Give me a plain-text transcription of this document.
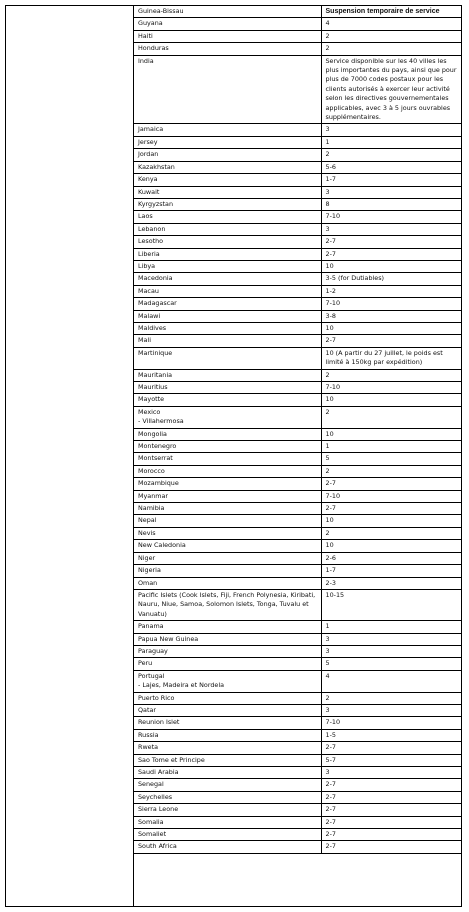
Guinea-Bissau	Suspension temporaire de service
Guyana	4
Haiti	2
Honduras	2
India	Service disponible sur les 40 villes les plus importantes du pays, ainsi que pour plus de 7000 codes postaux pour les clients autorisés à exercer leur activité selon les directives gouvernementales applicables, avec 3 à 5 jours ouvrables supplémentaires.
Jamaica	3
Jersey	1
Jordan	2
Kazakhstan	5-6
Kenya	1-7
Kuwait	3
Kyrgyzstan	8
Laos	7-10
Lebanon	3
Lesotho	2-7
Liberia	2-7
Libya	10
Macedonia	3-5 (for Dutiables)
Macau	1-2
Madagascar	7-10
Malawi	3-8
Maldives	10
Mali	2-7
Martinique	10 (A partir du 27 juillet, le poids est limité à 150kg par expédition)
Mauritania	2
Mauritius	7-10
Mayotte	10
Mexico
- Villahermosa	2
Mongolia	10
Montenegro	1
Montserrat	5
Morocco	2
Mozambique	2-7
Myanmar	7-10
Namibia	2-7
Nepal	10
Nevis	2
New Caledonia	10
Niger	2-6
Nigeria	1-7
Oman	2-3
Pacific Islets (Cook Islets, Fiji, French Polynesia, Kiribati, Nauru, Niue, Samoa, Solomon Islets, Tonga, Tuvalu et Vanuatu)	10-15
Panama	1
Papua New Guinea	3
Paraguay	3
Peru	5
Portugal
- Lajes, Madeira et Nordela	4
Puerto Rico	2
Qatar	3
Reunion Islet	7-10
Russia	1-5
Rweta	2-7
Sao Tome et Principe	5-7
Saudi Arabia	3
Senegal	2-7
Seychelles	2-7
Sierra Leone	2-7
Somalia	2-7
Somaliet	2-7
South Africa	2-7
